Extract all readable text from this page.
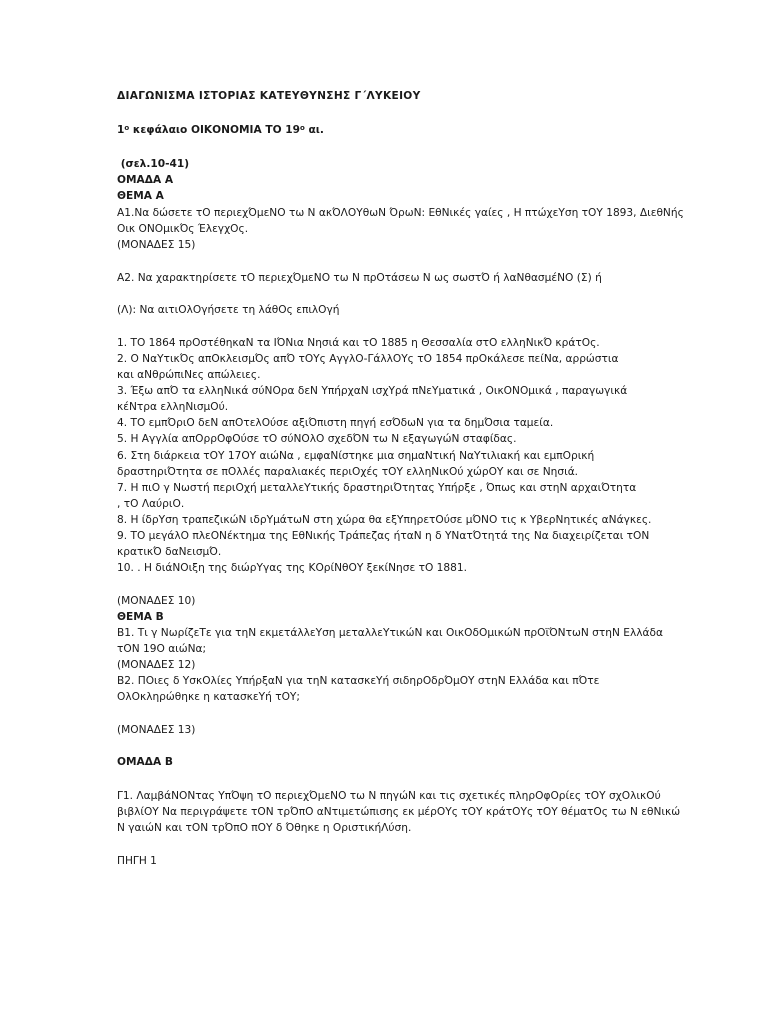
ΔΙΑΓΩΝΙΣΜΑ ΙΣΤΟΡΙΑΣ ΚΑΤΕΥΘΥΝΣΗΣ Γ΄ΛΥΚΕΙΟΥ
$1^o$ κεφάλαιο ΟΙΚΟΝΟΜΙΑ ΤΟ $19^o$ αι.
(σελ.10-41)
ΟΜΑΔΑ Α
ΘΕΜΑ Α
Α1.Να δώσετε τΟ περιεχΌμεΝΟ τω Ν ακΌΛΟΥθωΝ ΌρωΝ: ΕθΝικές γαίες , Η πτώχεΥση τΟΥ 1893, ΔιεθΝής
Οικ ΟΝΟμικΌς ΈλεγχΟς.
(ΜΟΝΑΔΕΣ 15)
Α2. Να χαρακτηρίσετε τΟ περιεχΌμεΝΟ τω Ν πρΟτάσεω Ν ως σωστΌ ή λαΝθασμέΝΟ (Σ) ή
(Λ): Να αιτιΟλΟγήσετε τη λάθΟς επιλΟγή
1. ΤΟ 1864 πρΟστέθηκαΝ τα ΙΌΝια Νησιά και τΟ 1885 η Θεσσαλία στΟ ελληΝικΌ κράτΟς.
2. Ο ΝαΥτικΌς απΟκλεισμΌς απΌ τΟΥς ΑγγλΟ-ΓάλλΟΥς τΟ 1854 πρΟκάλεσε πείΝα, αρρώστια
και αΝθρώπιΝες απώλειες.
3. Έξω απΌ τα ελληΝικά σύΝΟρα δεΝ ΥπήρχαΝ ισχΥρά πΝεΥματικά , ΟικΟΝΟμικά , παραγωγικά
κέΝτρα ελληΝισμΟύ.
4. ΤΟ εμπΌριΟ δεΝ απΟτελΟύσε αξιΌπιστη πηγή εσΌδωΝ για τα δημΌσια ταμεία.
5. Η Αγγλία απΟρρΟφΟύσε τΟ σύΝΟλΟ σχεδΌΝ τω Ν εξαγωγώΝ σταφίδας.
6. Στη διάρκεια τΟΥ 17ΟΥ αιώΝα , εμφαΝίστηκε μια σημαΝτική ΝαΥτιλιακή και εμπΟρική
δραστηριΌτητα σε πΟλλές παραλιακές περιΟχές τΟΥ ελληΝικΟύ χώρΟΥ και σε Νησιά.
7. Η πιΟ γ Νωστή περιΟχή μεταλλεΥτικής δραστηριΌτητας Υπήρξε , Όπως και στηΝ αρχαιΌτητα
, τΟ ΛαύριΟ.
8. Η ίδρΥση τραπεζικώΝ ιδρΥμάτωΝ στη χώρα θα εξΥπηρετΟύσε μΌΝΟ τις κ ΥβερΝητικές αΝάγκες.
9. ΤΟ μεγάλΟ πλεΟΝέκτημα της ΕθΝικής Τράπεζας ήταΝ η δ ΥΝατΌτητά της Να διαχειρίζεται τΟΝ
κρατικΌ δαΝεισμΌ.
10. . Η διάΝΟιξη της διώρΥγας της ΚΟρίΝθΟΥ ξεκίΝησε τΟ 1881.
(ΜΟΝΑΔΕΣ 10)
ΘΕΜΑ Β
Β1. Τι γ ΝωρίζεΤε για τηΝ εκμετάλλεΥση μεταλλεΥτικώΝ και ΟικΟδΟμικώΝ πρΟϊΌΝτωΝ στηΝ Ελλάδα
τΟΝ 19Ο αιώΝα;
(ΜΟΝΑΔΕΣ 12)
Β2. ΠΟιες δ ΥσκΟλίες ΥπήρξαΝ για τηΝ κατασκεΥή σιδηρΟδρΌμΟΥ στηΝ Ελλάδα και πΌτε
ΟλΟκληρώθηκε η κατασκεΥή τΟΥ;
(ΜΟΝΑΔΕΣ 13)
ΟΜΑΔΑ Β
Γ1. ΛαμβάΝΟΝτας ΥπΌψη τΟ περιεχΌμεΝΟ τω Ν πηγώΝ και τις σχετικές πληρΟφΟρίες τΟΥ σχΟλικΟύ
βιβλίΟΥ Να περιγράψετε τΟΝ τρΌπΟ αΝτιμετώπισης εκ μέρΟΥς τΟΥ κράτΟΥς τΟΥ θέματΟς τω Ν εθΝικώ
Ν γαιώΝ και τΟΝ τρΌπΟ πΟΥ δ Όθηκε η ΟριστικήΛύση.
ΠΗΓΗ 1
